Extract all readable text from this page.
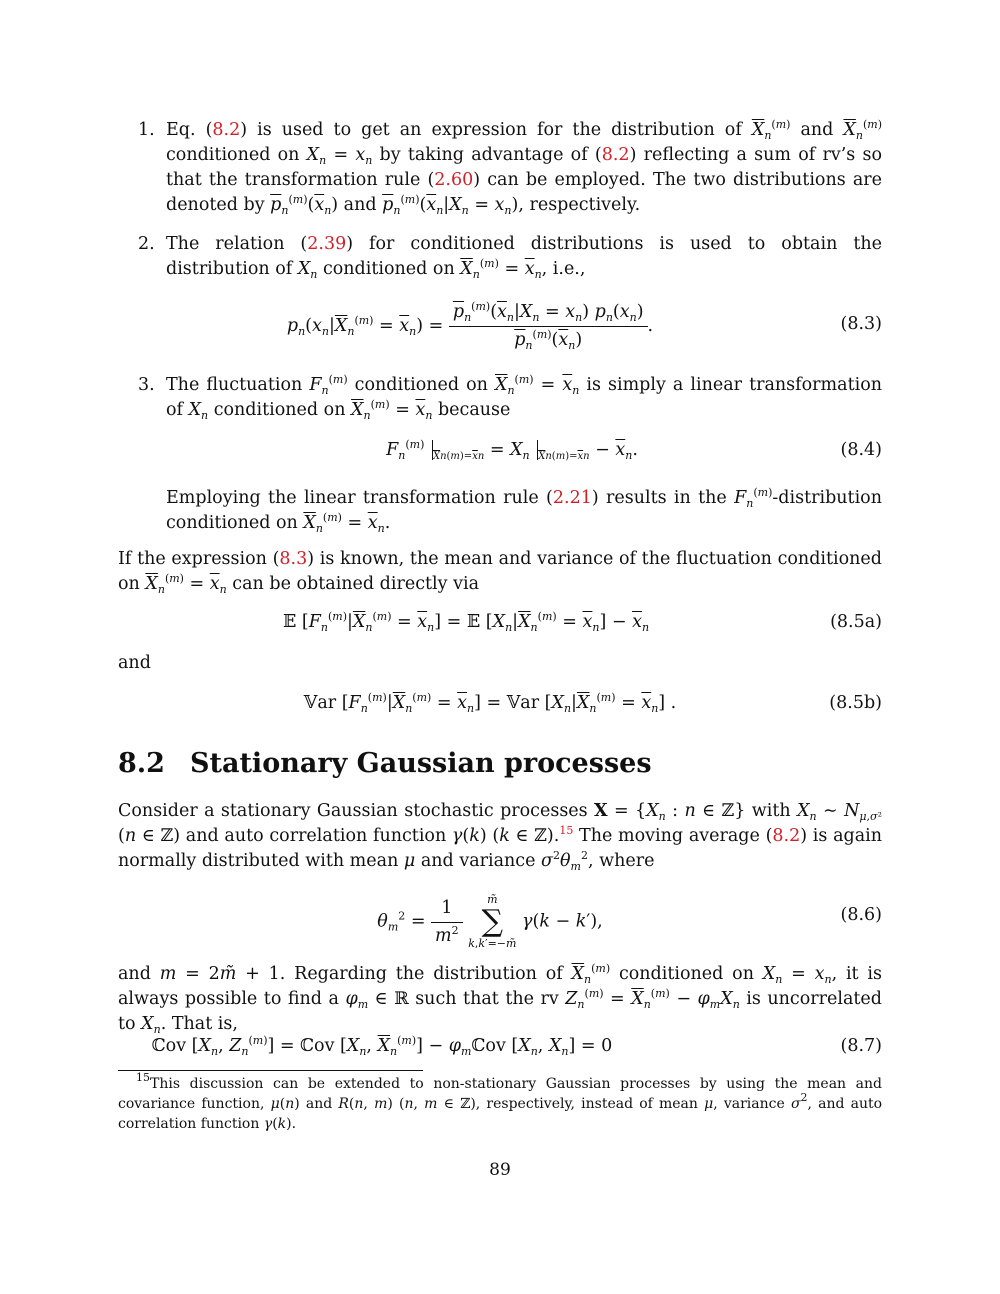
1. Eq. (8.2) is used to get an expression for the distribution of $\overline{X}_n^{(m)}$ and $\overline{X}_n^{(m)}$ conditioned on $X_n = x_n$ by taking advantage of (8.2) reflecting a sum of rv’s so that the transformation rule (2.60) can be employed. The two distributions are denoted by $\overline{p}_n^{(m)}(\overline{x}_n)$ and $\overline{p}_n^{(m)}(\overline{x}_n|X_n = x_n)$, respectively.
2. The relation (2.39) for conditioned distributions is used to obtain the distribution of $X_n$ conditioned on $\overline{X}_n^{(m)} = \overline{x}_n$, i.e.,
$p_n(x_n|\overline{X}_n^{(m)} = \overline{x}_n) = \frac{\overline{p}_n^{(m)}(\overline{x}_n|X_n = x_n) p_n(x_n)}{\overline{p}_n^{(m)}(\overline{x}_n)}$ .	(8.3)
3. The fluctuation $F_n^{(m)}$ conditioned on $\overline{X}_n^{(m)} = \overline{x}_n$ is simply a linear transformation of $X_n$ conditioned on $\overline{X}_n^{(m)} = \overline{x}_n$ because
$F_n^{(m)}$ $_{\overline{X}n(m)=\overline{x}n} = X_n$ $_{\overline{X}n(m)=\overline{x}n} - \overline{x}_n$.	(8.4)
Employing the linear transformation rule (2.21) results in the $F_n^{(m)}$-distribution conditioned on $\overline{X}_n^{(m)} = \overline{x}_n$.
If the expression (8.3) is known, the mean and variance of the fluctuation conditioned on $\overline{X}_n^{(m)} = \overline{x}_n$ can be obtained directly via
𝔼 $[F_n^{(m)}|\overline{X}_n^{(m)} = \overline{x}_n]$ = 𝔼 $[X_n|\overline{X}_n^{(m)} = \overline{x}_n] - \overline{x}_n$	(8.5a)
and
𝕍ar $[F_n^{(m)}|\overline{X}_n^{(m)} = \overline{x}_n]$ = 𝕍ar $[X_n|\overline{X}_n^{(m)} = \overline{x}_n]$ .	(8.5b)
8.2 Stationary Gaussian processes
Consider a stationary Gaussian stochastic processes $X = \{X_n$ : n ∈ ℤ} with $X_n$ ∼ $N_{\mu,\sigma^2}$ (n ∈ ℤ) and auto correlation function γ(k) (k ∈ ℤ).$^{15}$ The moving average (8.2) is again normally distributed with mean μ and variance $\sigma^2\theta_m^2$, where
$\theta_m^2 = \frac{1}{m^2}$
	m̃
∑
k,k′=−m̃
γ(k − k′),	(8.6)
and m = 2m̃ + 1. Regarding the distribution of $\overline{X}_n^{(m)}$ conditioned on $X_n = x_n$, it is always possible to find a $\varphi_m$ ∈ ℝ such that the rv $Z_n^{(m)} = \overline{X}_n^{(m)} - \varphi_mX_n$ is uncorrelated to $X_n$. That is,
ℂov [$X_n$, $Z_n^{(m)}$] = ℂov [$X_n$, $\overline{X}_n^{(m)}$] − $\varphi_mℂov$ [$X_n$, $X_n] = 0$	(8.7)
$^{15}$This discussion can be extended to non-stationary Gaussian processes by using the mean and covariance function, μ(n) and R(n, m) (n, m ∈ ℤ), respectively, instead of mean μ, variance $\sigma^2$, and auto correlation function γ(k).
89
